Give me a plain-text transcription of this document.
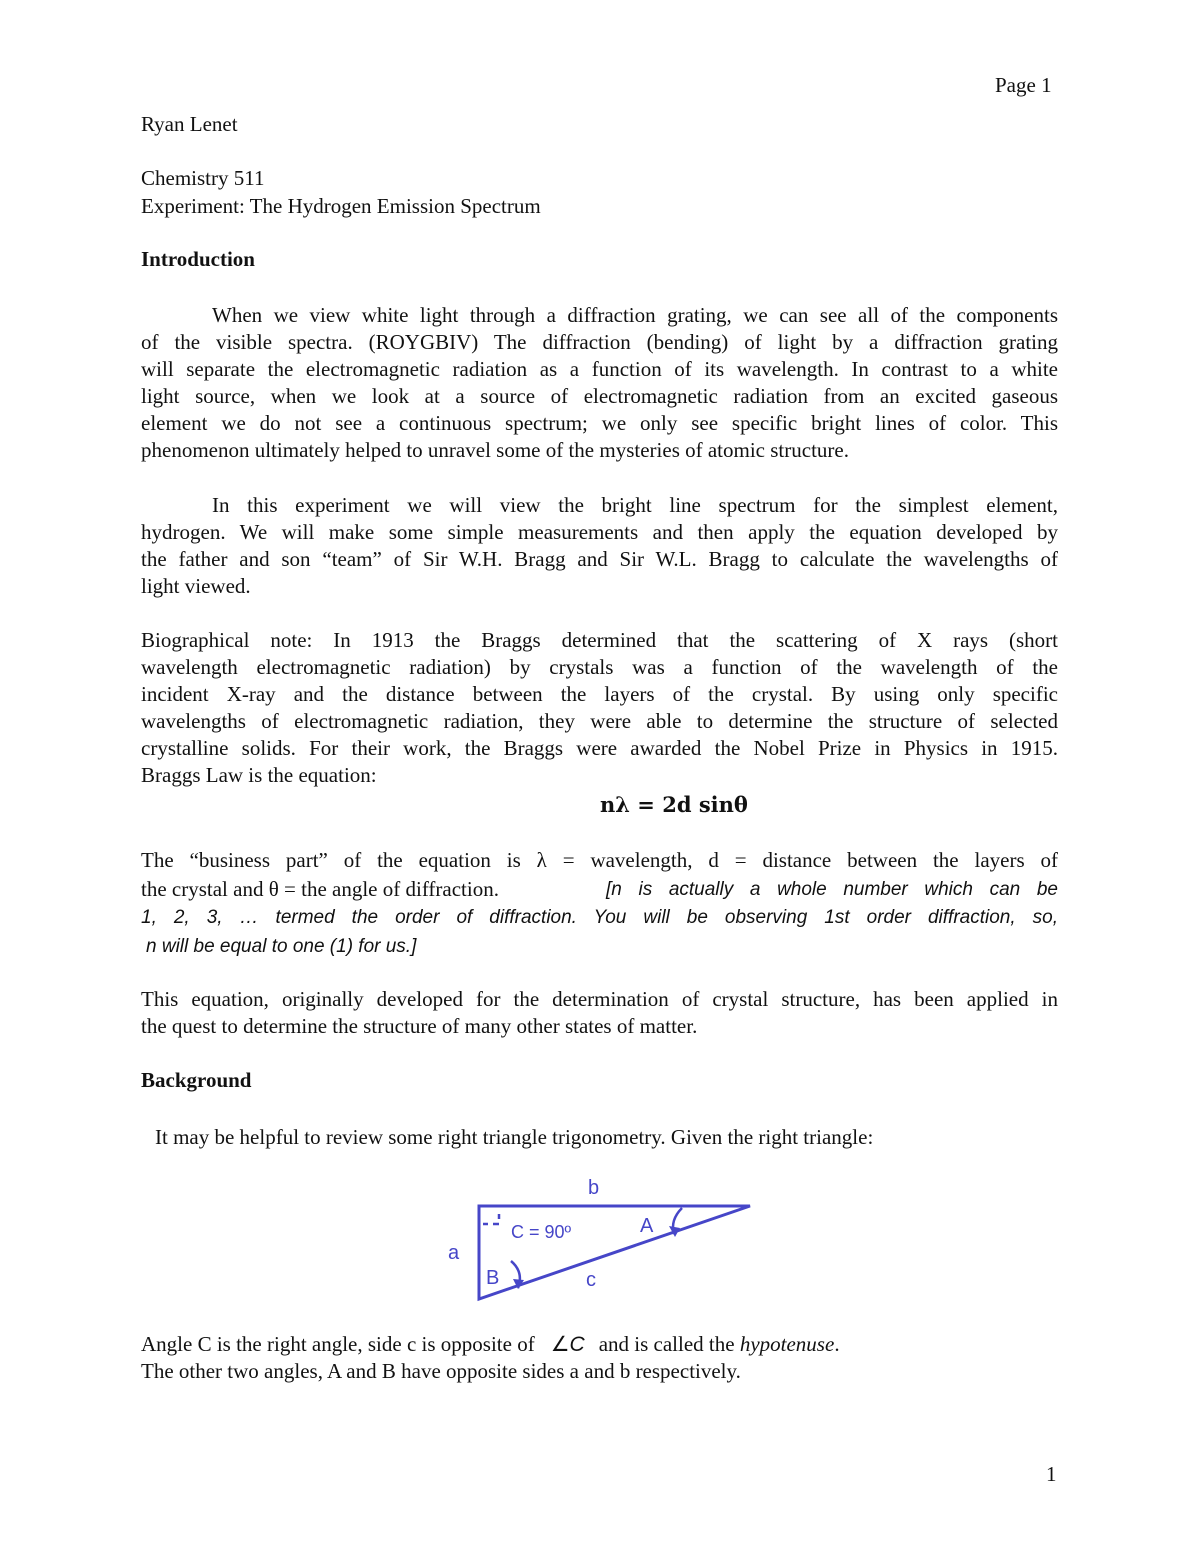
Page 1
Ryan Lenet
Chemistry 511
Experiment: The Hydrogen Emission Spectrum
Introduction
When we view white light through a diffraction grating, we can see all of the components
of the visible spectra. (ROYGBIV) The diffraction (bending) of light by a diffraction grating
will separate the electromagnetic radiation as a function of its wavelength. In contrast to a white
light source, when we look at a source of electromagnetic radiation from an excited gaseous
element we do not see a continuous spectrum; we only see specific bright lines of color. This
phenomenon ultimately helped to unravel some of the mysteries of atomic structure.
In this experiment we will view the bright line spectrum for the simplest element,
hydrogen. We will make some simple measurements and then apply the equation developed by
the father and son “team” of Sir W.H. Bragg and Sir W.L. Bragg to calculate the wavelengths of
light viewed.
Biographical note: In 1913 the Braggs determined that the scattering of X rays (short
wavelength electromagnetic radiation) by crystals was a function of the wavelength of the
incident X-ray and the distance between the layers of the crystal. By using only specific
wavelengths of electromagnetic radiation, they were able to determine the structure of selected
crystalline solids. For their work, the Braggs were awarded the Nobel Prize in Physics in 1915.
Braggs Law is the equation:
nλ = 2d sinθ
The “business part” of the equation is λ = wavelength, d = distance between the layers of
the crystal and θ = the angle of diffraction.	[n is actually a whole number which can be
1, 2, 3, … termed the order of diffraction. You will be observing 1st order diffraction, so,
n will be equal to one (1) for us.]
This equation, originally developed for the determination of crystal structure, has been applied in
the quest to determine the structure of many other states of matter.
Background
It may be helpful to review some right triangle trigonometry. Given the right triangle:
b
a
c
A
B
C = 90º
Angle C is the right angle, side c is opposite of ∠C and is called the hypotenuse.
The other two angles, A and B have opposite sides a and b respectively.
1
